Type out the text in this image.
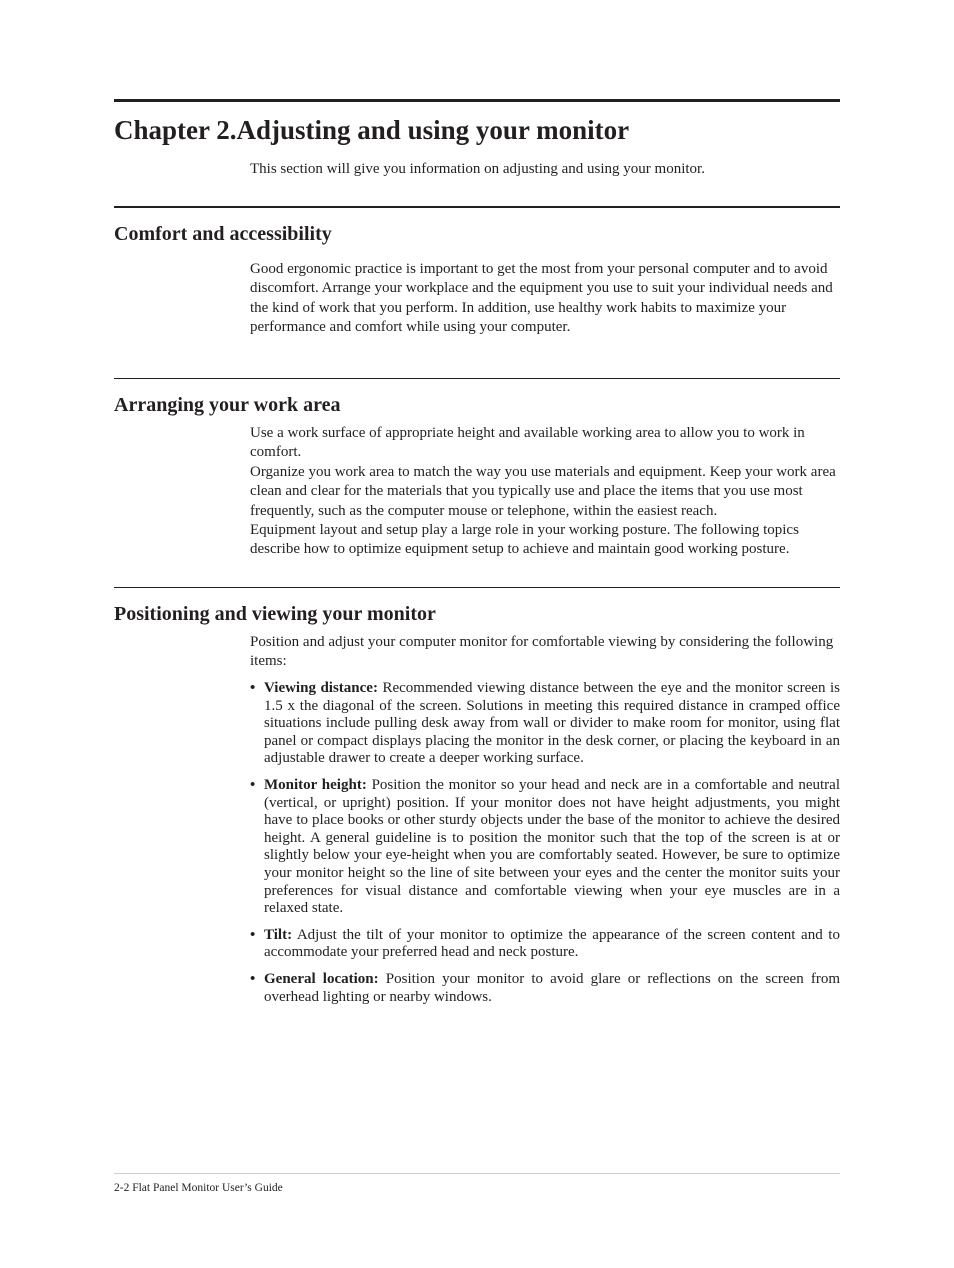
Chapter 2.Adjusting and using your monitor

This section will give you information on adjusting and using your monitor.

Comfort and accessibility

Good ergonomic practice is important to get the most from your personal computer and to avoid discomfort. Arrange your workplace and the equipment you use to suit your individual needs and the kind of work that you perform. In addition, use healthy work habits to maximize your performance and comfort while using your computer.

Arranging your work area

Use a work surface of appropriate height and available working area to allow you to work in comfort.

Organize you work area to match the way you use materials and equipment. Keep your work area clean and clear for the materials that you typically use and place the items that you use most frequently, such as the computer mouse or telephone, within the easiest reach.

Equipment layout and setup play a large role in your working posture. The following topics describe how to optimize equipment setup to achieve and maintain good working posture.

Positioning and viewing your monitor

Position and adjust your computer monitor for comfortable viewing by considering the following items:

• Viewing distance: Recommended viewing distance between the eye and the monitor screen is 1.5 x the diagonal of the screen. Solutions in meeting this required distance in cramped office situations include pulling desk away from wall or divider to make room for monitor, using flat panel or compact displays placing the monitor in the desk corner, or placing the keyboard in an adjustable drawer to create a deeper working surface.
• Monitor height: Position the monitor so your head and neck are in a comfortable and neutral (vertical, or upright) position. If your monitor does not have height adjustments, you might have to place books or other sturdy objects under the base of the monitor to achieve the desired height. A general guideline is to position the monitor such that the top of the screen is at or slightly below your eye-height when you are comfortably seated. However, be sure to optimize your monitor height so the line of site between your eyes and the center the monitor suits your preferences for visual distance and comfortable viewing when your eye muscles are in a relaxed state.
• Tilt: Adjust the tilt of your monitor to optimize the appearance of the screen content and to accommodate your preferred head and neck posture.
• General location: Position your monitor to avoid glare or reflections on the screen from overhead lighting or nearby windows.

2-2 Flat Panel Monitor User’s Guide
